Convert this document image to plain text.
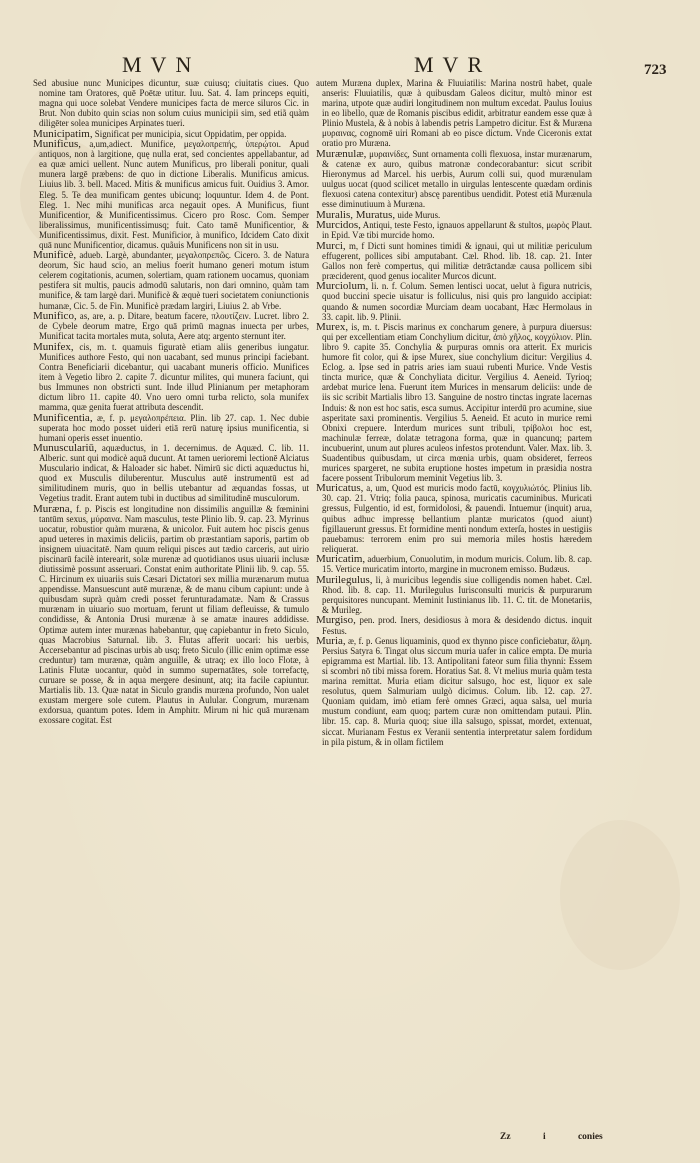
MVN	MVR	723
Sed abusiue nunc Municipes dicuntur, suæ cuiusq; ciuitatis ciues. Quo nomine tam Oratores, quē Poētæ utitur. Iuu. Sat. 4. Iam princeps equiti, magna qui uoce solebat Vendere municipes facta de merce siluros Cic. in Brut. Non dubito quin scias non solum cuius municipii sim, sed etiã quàm diligēter solea municipes Arpinates tueri.
Municipatim, Significat per municipia, sicut Oppidatim, per oppida.
Munificus, a,um,adiect. Munifice, μεγαλοπρεπής, ὑπερῴτοι. Apud antiquos, non à largitione, quę nulla erat, sed concientes appellabantur, ad ea quæ amici uellent. Nunc autem Munificus, pro liberali ponitur, quali munera largē præbens: de quo in dictione Liberalis. Munificus amicus. Liuius lib. 3. bell. Maced. Mitis & munificus amicus fuit. Ouidius 3. Amor. Eleg. 5. Te dea munificam gentes ubicunq; loquuntur. Idem 4. de Pont. Eleg. 1. Nec mihi munificas arca negauit opes. A Munificus, fiunt Munificentior, & Munificentissimus. Cicero pro Rosc. Com. Semper liberalissimus, munificentissimusq; fuit. Cato tamē Munificentior, & Munificentissimus, dixit. Fest. Munificior, à munifico, Idcidem Cato dixit quā nunc Munificentior, dicamus. quãuis Munificens non sit in usu.
Munificè, adueb. Largè, abundanter, μεγαλοπρεπῶς. Cicero. 3. de Natura deorum, Sic haud scio, an melius foerit humano generi motum istum celerem cogitationis, acumen, solertiam, quam rationem uocamus, quoniam pestifera sit multis, paucis admodū salutaris, non dari omnino, quàm tam munifice, & tam largè dari. Munificè & æquè tueri societatem coniunctionis humanæ, Cic. 5. de Fin. Munificè prædam largiri, Liuius 2. ab Vrbe.
Munifico, as, are, a. p. Ditare, beatum facere, πλουτίζειν. Lucret. libro 2. de Cybele deorum matre, Ergo quā primū magnas inuecta per urbes, Munificat tacita mortales muta, soluta, Aere atq; argento sternunt iter.
Munifex, cis, m. t. quamuis figuratè etiam aliis generibus iungatur. Munifices authore Festo, qui non uacabant, sed munus principi faciebant. Contra Beneficiarii dicebantur, qui uacabant muneris officio. Munifices item à Vegetio libro 2. capite 7. dicuntur milites, qui munera faciunt, qui bus Immunes non obstricti sunt. Inde illud Plinianum per metaphoram dictum libro 11. capite 40. Vno uero omni turba relicto, sola munifex mamma, quæ genita fuerat attributa descendit.
Munificentia, æ, f. p. μεγαλοπρέπεια. Plin. lib 27. cap. 1. Nec dubie superata hoc modo posset uideri etiā rerū naturę ipsius munificentia, si humani operis esset inuentio.
Munusculariū, aquæductus, in 1. decernimus. de Aquæd. C. lib. 11. Alberic. sunt qui modicè aquā ducunt. At tamen uerioremi lectionē Alciatus Musculario indicat, & Haloader sic habet. Nimirū sic dicti aquæductus hi, quod ex Musculis diluberentur. Musculus autē instrumentū est ad similitudinem muris, quo in bellis utebantur ad æquandas fossas, ut Vegetius tradit. Erant autem tubi in ductibus ad similitudinē musculorum.
Muræna, f. p. Piscis est longitudine non dissimilis anguillæ & fœminini tantūm sexus, μύραινα. Nam masculus, teste Plinio lib. 9. cap. 23. Myrinus uocatur, robustior quàm muræna, & unicolor. Fuit autem hoc piscis genus apud ueteres in maximis deliciis, partim ob præstantiam saporis, partim ob insignem uiuacitatē. Nam quum reliqui pisces aut tædio carceris, aut uirio piscinarū facilè interearit, solæ murenæ ad quotidianos usus uiuarii inclusæ diutissimè possunt asseruari. Constat enim authoritate Plinii lib. 9. cap. 55. C. Hircinum ex uiuariis suis Cæsari Dictatori sex millia murænarum mutua appendisse. Mansuescunt autē murænæ, & de manu cibum capiunt: unde à quibusdam suprà quàm credi posset ferunturadamatæ. Nam & Crassus murænam in uiuario suo mortuam, ferunt ut filiam defleuisse, & tumulo condidisse, & Antonia Drusi murænæ à se amatæ inaures addidisse. Optimæ autem inter murænas habebantur, quę capiebantur in freto Siculo, quas Macrobius Saturnal. lib. 3. Flutas afferit uocari: his uerbis, Accersebantur ad piscinas urbis ab usq; freto Siculo (illic enim optimæ esse creduntur) tam murænæ, quàm anguille, & utraq; ex illo loco Flotæ, à Latinis Flutæ uocantur, quòd in summo supernatātes, sole torrefactę, curuare se posse, & in aqua mergere desinunt, atq; ita facile capiuntur. Martialis lib. 13. Quæ natat in Siculo grandis muræna profundo, Non ualet exustam mergere sole cutem. Plautus in Aulular. Congrum, murænam exdorsua, quantum potes. Idem in Amphitr. Mirum ni hic quā murænam exossare cogitat. Est
autem Muræna duplex, Marina & Fluuiatilis: Marina nostrū habet, quale anseris: Fluuiatilis, quæ à quibusdam Galeos dicitur, multò minor est marina, utpote quæ audiri longitudinem non multum excedat. Paulus Iouius in eo libello, quæ de Romanis piscibus edidit, arbitratur eandem esse quæ à Plinio Mustela, & à nobis à labendis petris Lampetro dicitur. Est & Muræna μυραινας, cognomē uiri Romani ab eo pisce dictum. Vnde Ciceronis extat oratio pro Muræna.
Murænulæ, μυραινίδες, Sunt ornamenta colli flexuosa, instar murænarum, & catenæ ex auro, quibus matronæ condecorabantur: sicut scribit Hieronymus ad Marcel. his uerbis, Aurum colli sui, quod murænulam uulgus uocat (quod scilicet metallo in uirgulas lentescente quædam ordinis flexuosi catena contexitur) abscę parentibus uendidit. Potest etiā Murænula esse diminutiuum à Muræna.
Muralis, Muratus, uide Murus.
Murcidos, Antiqui, teste Festo, ignauos appellarunt & stultos, μωρὸς Plaut. in Epid. Væ tibi murcide homo.
Murci, m, f Dicti sunt homines timidi & ignaui, qui ut militiæ periculum effugerent, pollices sibi amputabant. Cæl. Rhod. lib. 18. cap. 21. Inter Gallos non ferè compertus, qui militiæ detrāctandæ causa pollicem sibi præciderent, quod genus iocaliter Murcos dicunt.
Murciolum, li. n. f. Colum. Semen lentisci uocat, uelut à figura nutricis, quod buccini specie uisatur is folliculus, nisi quis pro languido accipiat: quando & numen socordiæ Murciam deam uocabant, Hæc Hermolaus in 33. capit. lib. 9. Plinii.
Murex, is, m. t. Piscis marinus ex concharum genere, à purpura diuersus: qui per excellentiam etiam Conchylium dicitur, ἀπὸ χῆλος, κογχύλιον. Plin. libro 9. capite 35. Conchylia & purpuras omnis ora atterit. Ex muricis humore fit color, qui & ipse Murex, siue conchylium dicitur: Vergilius 4. Eclog. a. Ipse sed in patris aries iam suaui rubenti Murice. Vnde Vestis tincta murice, quæ & Conchyliata dicitur. Vergilius 4. Aeneid. Tyrioq; ardebat murice lena. Fuerunt item Murices in mensarum deliciis: unde de iis sic scribit Martialis libro 13. Sanguine de nostro tinctas ingrate lacernas Induis: & non est hoc satis, esca sumus. Accipitur interdū pro acumine, siue asperitate saxi prominentis. Vergilius 5. Aeneid. Et acuto in murice remi Obnixi crepuere. Interdum murices sunt tribuli, τρίβολοι hoc est, machinulæ ferreæ, dolatæ tetragona forma, quæ in quancunq; partem incubuerint, unum aut plures aculeos infestos protendunt. Valer. Max. lib. 3. Suadentibus quibusdam, ut circa mœnia urbis, quam obsideret, ferreos murices spargeret, ne subita eruptione hostes impetum in præsidia nostra facere possent Tribulorum meminit Vegetius lib. 3.
Muricatus, a, um, Quod est muricis modo factū, κογχυλιώτός. Plinius lib. 30. cap. 21. Vtriq; folia pauca, spinosa, muricatis cacuminibus. Muricati gressus, Fulgentio, id est, formidolosi, & pauendi. Intuemur (inquit) arua, quibus adhuc impressę bellantium plantæ muricatos (quod aiunt) figillauerunt gressus. Et formidine menti nondum exterſa, hostes in uestigiis pauebamus: terrorem enim pro sui memoria miles hostis hæredem reliquerat.
Muricatim, aduerbium, Conuolutim, in modum muricis. Colum. lib. 8. cap. 15. Vertice muricatim intorto, margine in mucronem emisso. Budæus.
Murilegulus, li, à muricibus legendis siue colligendis nomen habet. Cæl. Rhod. lib. 8. cap. 11. Murilegulus Iurisconsulti muricis & purpurarum perquisitores nuncupant. Meminit Iustinianus lib. 11. C. tit. de Monetariis, & Murileg.
Murgiso, pen. prod. Iners, desidiosus à mora & desidendo dictus. inquit Festus.
Muria, æ, f. p. Genus liquaminis, quod ex thynno pisce conficiebatur, ἅλμη. Persius Satyra 6. Tingat olus siccum muria uafer in calice empta. De muria epigramma est Martial. lib. 13. Antipolitani fateor sum filia thynni: Essem si scombri nō tibi missa forem. Horatius Sat. 8. Vt melius muria quàm testa marina remittat. Muria etiam dicitur salsugo, hoc est, liquor ex sale resolutus, quem Salmuriam uulgò dicimus. Colum. lib. 12. cap. 27. Quoniam quidam, imò etiam ferè omnes Græci, aqua salsa, uel muria mustum condiunt, eam quoq; partem curæ non omittendam putaui. Plin. libr. 15. cap. 8. Muria quoq; siue illa salsugo, spissat, mordet, extenuat, siccat. Murianam Festus ex Veranii sententia interpretatur salem fordidum in pila pistum, & in ollam fictilem
Zz	i	conies
